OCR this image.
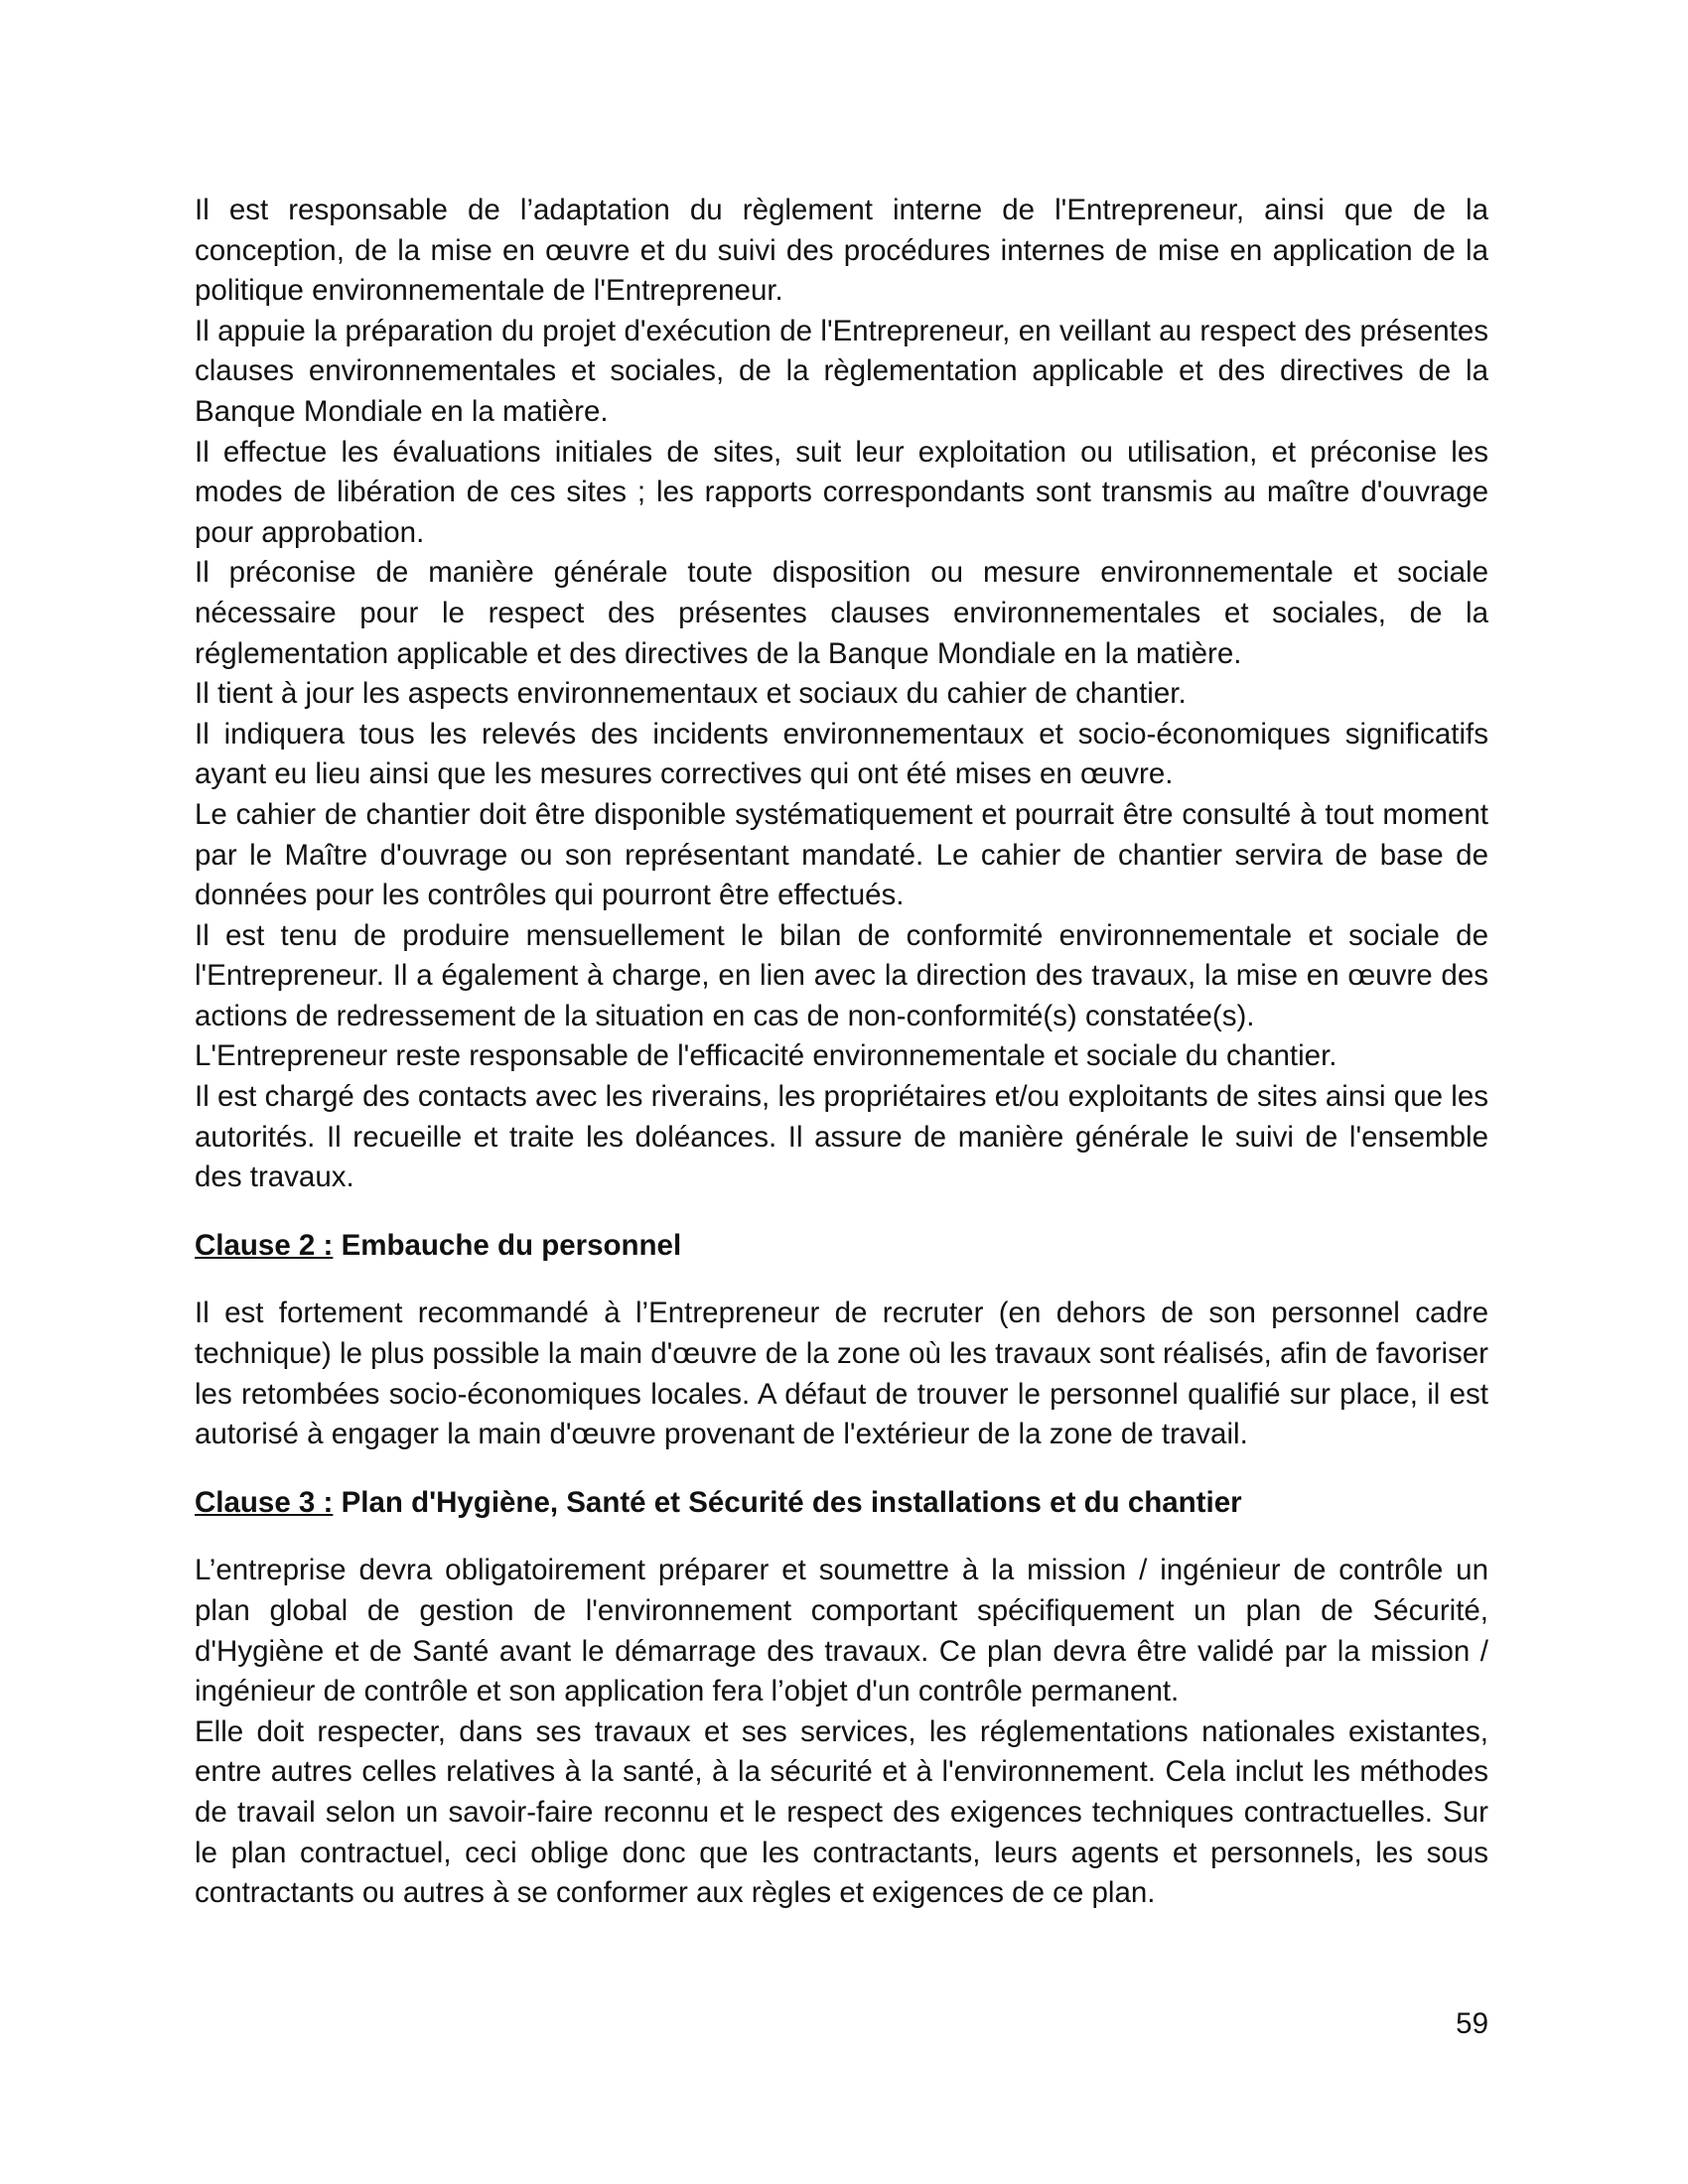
Il est responsable de l’adaptation du règlement interne de l'Entrepreneur, ainsi que de la conception, de la mise en œuvre et du suivi des procédures internes de mise en application de la politique environnementale de l'Entrepreneur.

Il appuie la préparation du projet d'exécution de l'Entrepreneur, en veillant au respect des présentes clauses environnementales et sociales, de la règlementation applicable et des directives de la Banque Mondiale en la matière.

Il effectue les évaluations initiales de sites, suit leur exploitation ou utilisation, et préconise les modes de libération de ces sites ; les rapports correspondants sont transmis au maître d'ouvrage pour approbation.

Il préconise de manière générale toute disposition ou mesure environnementale et sociale nécessaire pour le respect des présentes clauses environnementales et sociales, de la réglementation applicable et des directives de la Banque Mondiale en la matière.

Il tient à jour les aspects environnementaux et sociaux du cahier de chantier.

Il indiquera tous les relevés des incidents environnementaux et socio-économiques significatifs ayant eu lieu ainsi que les mesures correctives qui ont été mises en œuvre.

Le cahier de chantier doit être disponible systématiquement et pourrait être consulté à tout moment par le Maître d'ouvrage ou son représentant mandaté. Le cahier de chantier servira de base de données pour les contrôles qui pourront être effectués.

Il est tenu de produire mensuellement le bilan de conformité environnementale et sociale de l'Entrepreneur. Il a également à charge, en lien avec la direction des travaux, la mise en œuvre des actions de redressement de la situation en cas de non-conformité(s) constatée(s).

L'Entrepreneur reste responsable de l'efficacité environnementale et sociale du chantier.

Il est chargé des contacts avec les riverains, les propriétaires et/ou exploitants de sites ainsi que les autorités. Il recueille et traite les doléances. Il assure de manière générale le suivi de l'ensemble des travaux.

Clause 2 : Embauche du personnel

Il est fortement recommandé à l’Entrepreneur de recruter (en dehors de son personnel cadre technique) le plus possible la main d'œuvre de la zone où les travaux sont réalisés, afin de favoriser les retombées socio-économiques locales. A défaut de trouver le personnel qualifié sur place, il est autorisé à engager la main d'œuvre provenant de l'extérieur de la zone de travail.

Clause 3 : Plan d'Hygiène, Santé et Sécurité des installations et du chantier

L’entreprise devra obligatoirement préparer et soumettre à la mission / ingénieur de contrôle un plan global de gestion de l'environnement comportant spécifiquement un plan de Sécurité, d'Hygiène et de Santé avant le démarrage des travaux. Ce plan devra être validé par la mission / ingénieur de contrôle et son application fera l’objet d'un contrôle permanent.

Elle doit respecter, dans ses travaux et ses services, les réglementations nationales existantes, entre autres celles relatives à la santé, à la sécurité et à l'environnement. Cela inclut les méthodes de travail selon un savoir-faire reconnu et le respect des exigences techniques contractuelles. Sur le plan contractuel, ceci oblige donc que les contractants, leurs agents et personnels, les sous contractants ou autres à se conformer aux règles et exigences de ce plan.

59
